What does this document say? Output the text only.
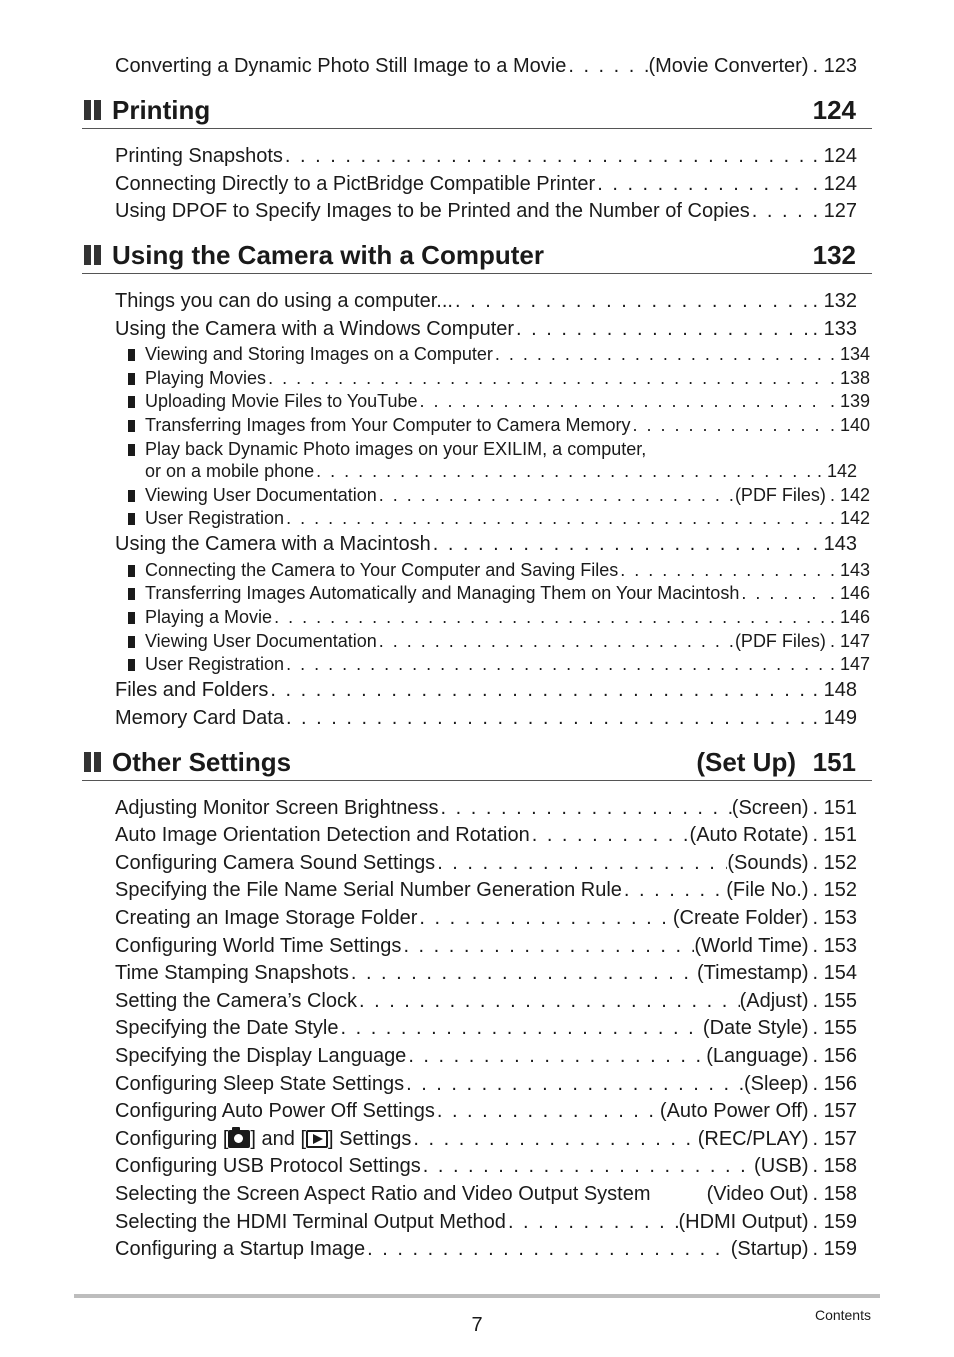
Converting a Dynamic Photo Still Image to a Movie . . .	(Movie Converter) . 123
Printing	124
Printing Snapshots . . .	. 124
Connecting Directly to a PictBridge Compatible Printer . . .	. 124
Using DPOF to Specify Images to be Printed and the Number of Copies . . .	. 127
Using the Camera with a Computer	132
Things you can do using a computer... . . .	. 132
Using the Camera with a Windows Computer . . .	. 133
Viewing and Storing Images on a Computer . . .	. 134
Playing Movies . . .	. 138
Uploading Movie Files to YouTube . . .	. 139
Transferring Images from Your Computer to Camera Memory . . .	. 140
Play back Dynamic Photo images on your EXILIM, a computer,
or on a mobile phone . . .	. 142
Viewing User Documentation . . .	(PDF Files) . 142
User Registration . . .	. 142
Using the Camera with a Macintosh . . .	. 143
Connecting the Camera to Your Computer and Saving Files . . .	. 143
Transferring Images Automatically and Managing Them on Your Macintosh . . .	. 146
Playing a Movie . . .	. 146
Viewing User Documentation . . .	(PDF Files) . 147
User Registration . . .	. 147
Files and Folders . . .	. 148
Memory Card Data . . .	. 149
Other Settings	(Set Up) 151
Adjusting Monitor Screen Brightness . . .	(Screen) . 151
Auto Image Orientation Detection and Rotation . . .	(Auto Rotate) . 151
Configuring Camera Sound Settings . . .	(Sounds) . 152
Specifying the File Name Serial Number Generation Rule . . .	(File No.) . 152
Creating an Image Storage Folder . . .	(Create Folder) . 153
Configuring World Time Settings . . .	(World Time) . 153
Time Stamping Snapshots . . .	(Timestamp) . 154
Setting the Camera’s Clock . . .	(Adjust) . 155
Specifying the Date Style . . .	(Date Style) . 155
Specifying the Display Language . . .	(Language) . 156
Configuring Sleep State Settings . . .	(Sleep) . 156
Configuring Auto Power Off Settings . . .	(Auto Power Off) . 157
Configuring [ ] and [ ] Settings . . .	(REC/PLAY) . 157
Configuring USB Protocol Settings . . .	(USB) . 158
Selecting the Screen Aspect Ratio and Video Output System	(Video Out) . 158
Selecting the HDMI Terminal Output Method . . .	(HDMI Output) . 159
Configuring a Startup Image . . .	(Startup) . 159
7	Contents
